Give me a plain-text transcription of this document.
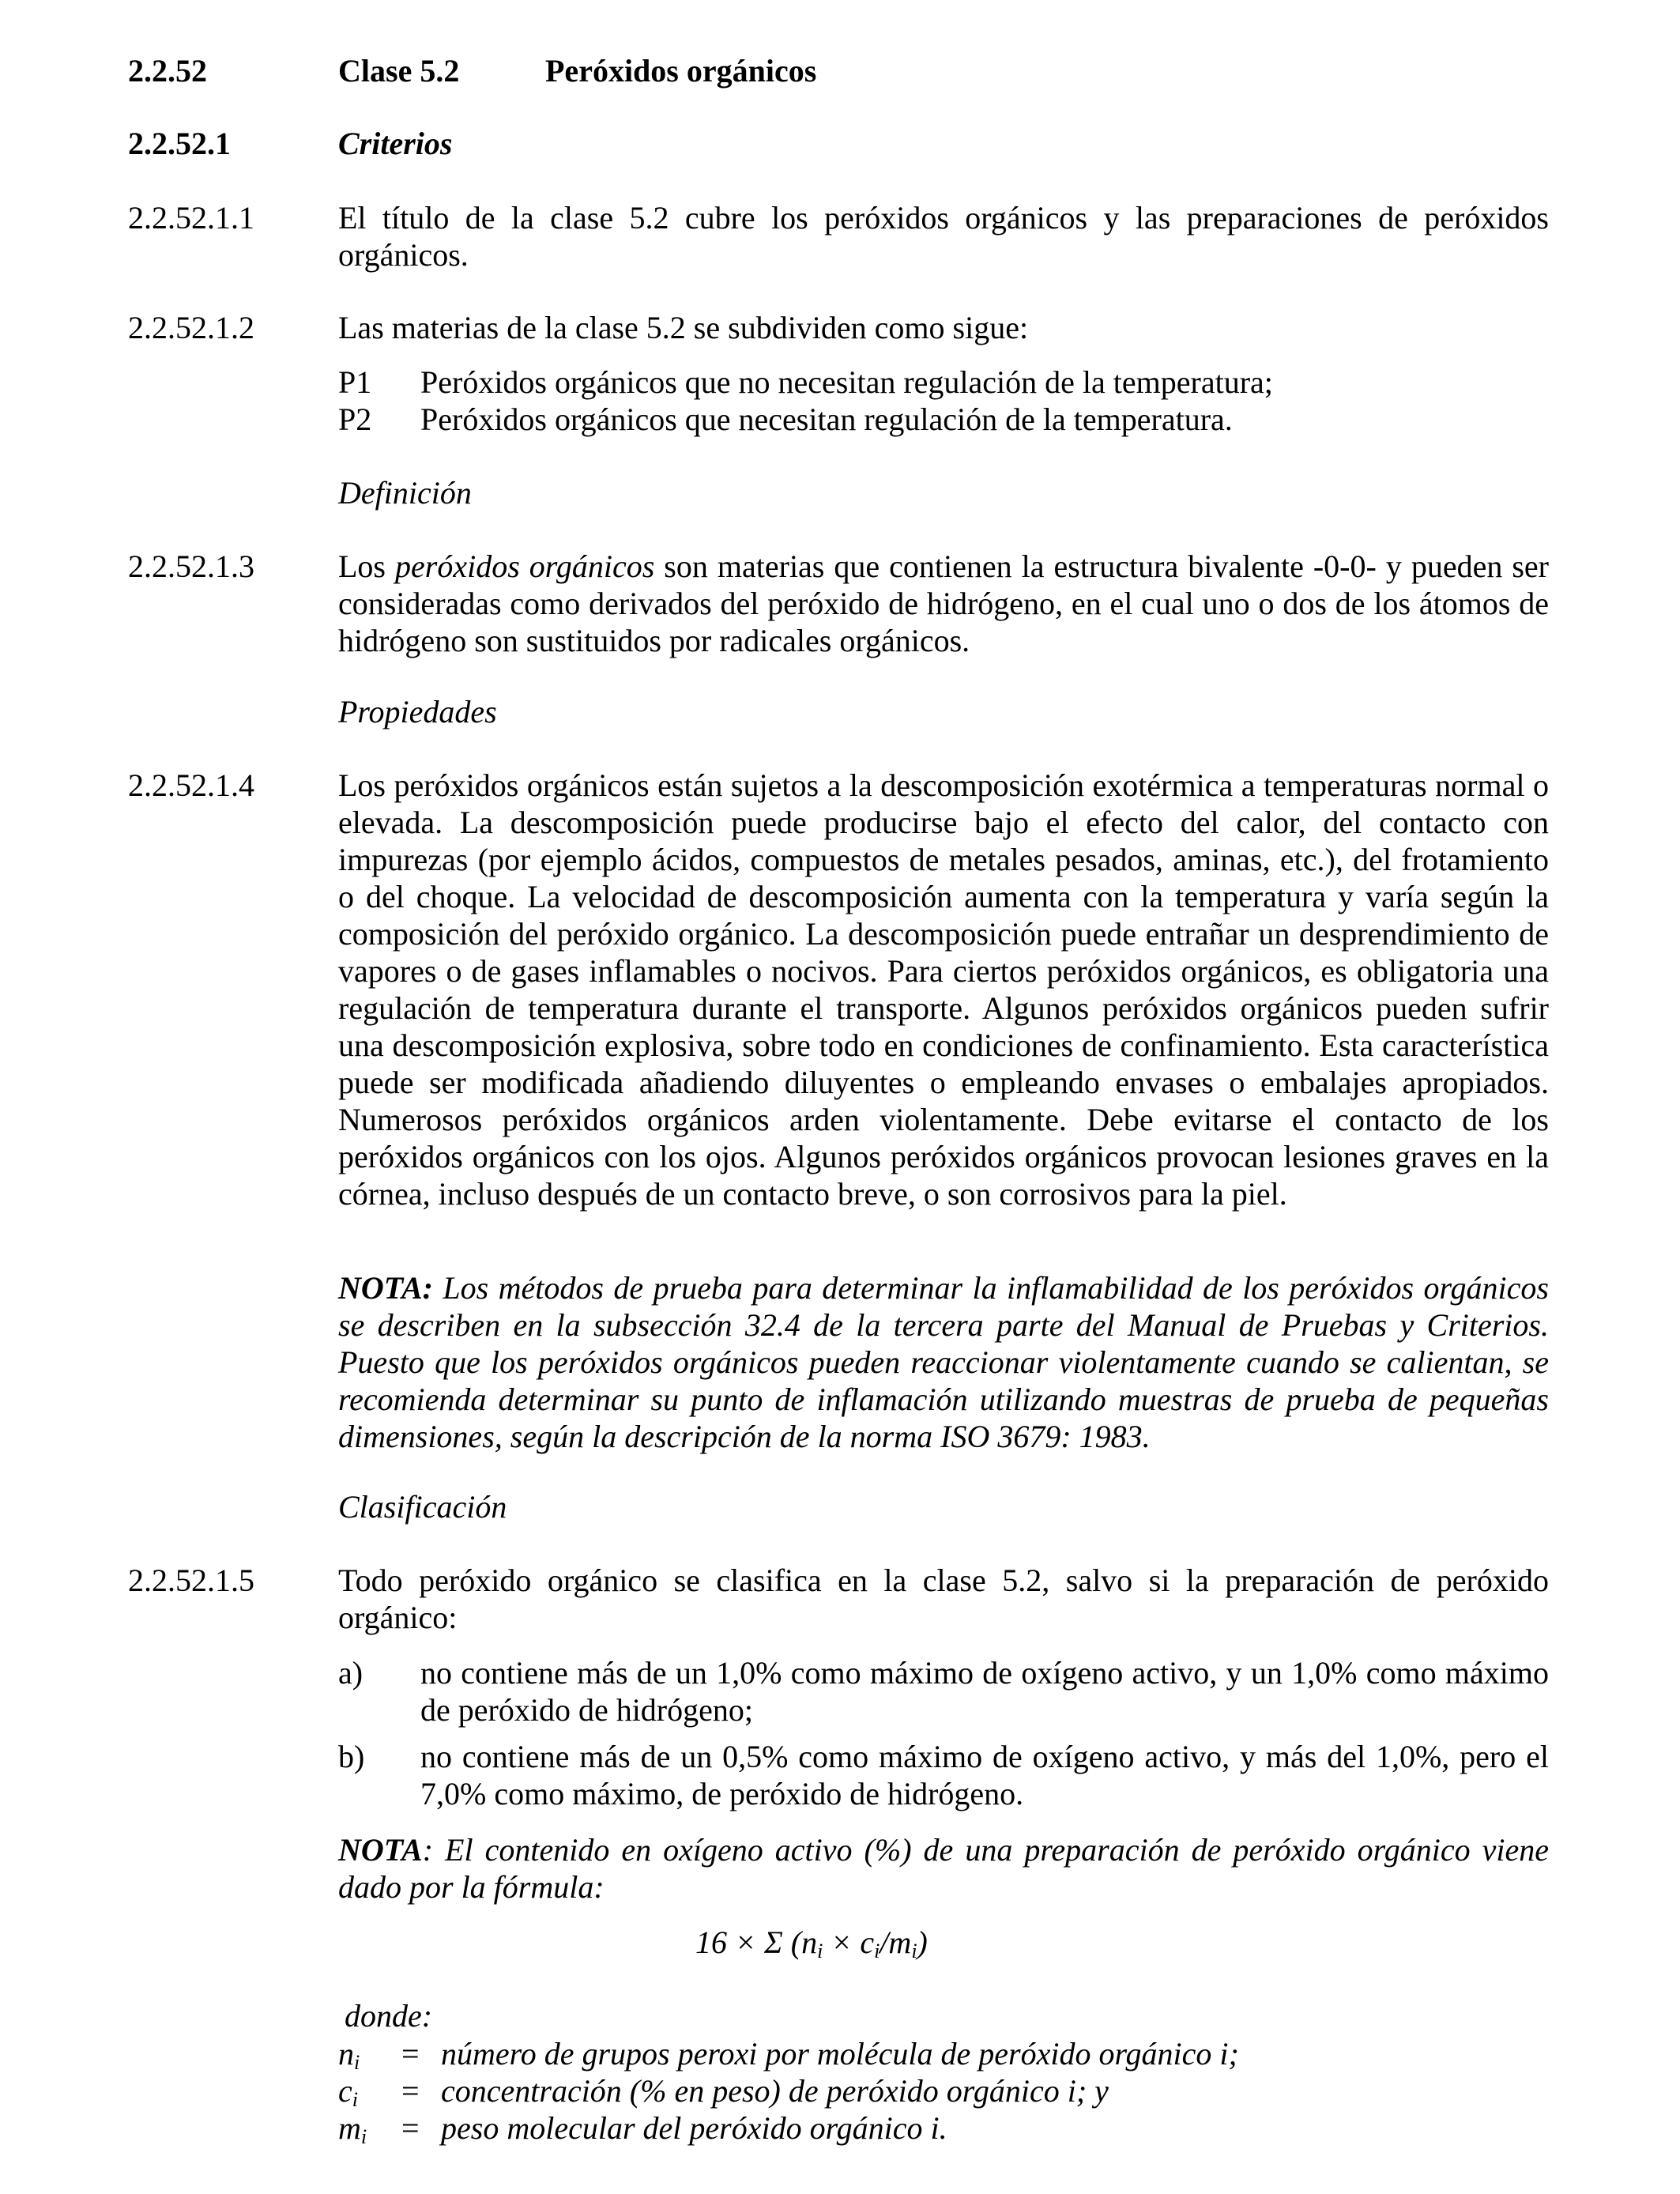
2.2.52	Clase 5.2	Peróxidos orgánicos
2.2.52.1	Criterios
2.2.52.1.1	El título de la clase 5.2 cubre los peróxidos orgánicos y las preparaciones de peróxidos orgánicos.

2.2.52.1.2	Las materias de la clase 5.2 se subdividen como sigue:

P1 Peróxidos orgánicos que no necesitan regulación de la temperatura;
P2 Peróxidos orgánicos que necesitan regulación de la temperatura.
Definición
2.2.52.1.3	Los peróxidos orgánicos son materias que contienen la estructura bivalente -0-0- y pueden ser consideradas como derivados del peróxido de hidrógeno, en el cual uno o dos de los átomos de hidrógeno son sustituidos por radicales orgánicos.

Propiedades
2.2.52.1.4	Los peróxidos orgánicos están sujetos a la descomposición exotérmica a temperaturas normal o elevada. La descomposición puede producirse bajo el efecto del calor, del contacto con impurezas (por ejemplo ácidos, compuestos de metales pesados, aminas, etc.), del frotamiento o del choque. La velocidad de descomposición aumenta con la temperatura y varía según la composición del peróxido orgánico. La descomposición puede entrañar un desprendimiento de vapores o de gases inflamables o nocivos. Para ciertos peróxidos orgánicos, es obligatoria una regulación de temperatura durante el transporte. Algunos peróxidos orgánicos pueden sufrir una descomposición explosiva, sobre todo en condiciones de confinamiento. Esta característica puede ser modificada añadiendo diluyentes o empleando envases o embalajes apropiados. Numerosos peróxidos orgánicos arden violentamente. Debe evitarse el contacto de los peróxidos orgánicos con los ojos. Algunos peróxidos orgánicos provocan lesiones graves en la córnea, incluso después de un contacto breve, o son corrosivos para la piel.

NOTA: Los métodos de prueba para determinar la inflamabilidad de los peróxidos orgánicos se describen en la subsección 32.4 de la tercera parte del Manual de Pruebas y Criterios. Puesto que los peróxidos orgánicos pueden reaccionar violentamente cuando se calientan, se recomienda determinar su punto de inflamación utilizando muestras de prueba de pequeñas dimensiones, según la descripción de la norma ISO 3679: 1983.

Clasificación
2.2.52.1.5	Todo peróxido orgánico se clasifica en la clase 5.2, salvo si la preparación de peróxido orgánico:

a) no contiene más de un 1,0% como máximo de oxígeno activo, y un 1,0% como máximo de peróxido de hidrógeno;
b) no contiene más de un 0,5% como máximo de oxígeno activo, y más del 1,0%, pero el 7,0% como máximo, de peróxido de hidrógeno.

NOTA: El contenido en oxígeno activo (%) de una preparación de peróxido orgánico viene dado por la fórmula:

16 × Σ $(n_i \times c_i/m_i)$
donde:
$n_i$ = número de grupos peroxi por molécula de peróxido orgánico i;
$c_i$ = concentración (% en peso) de peróxido orgánico i; y
$m_i$ = peso molecular del peróxido orgánico i.
